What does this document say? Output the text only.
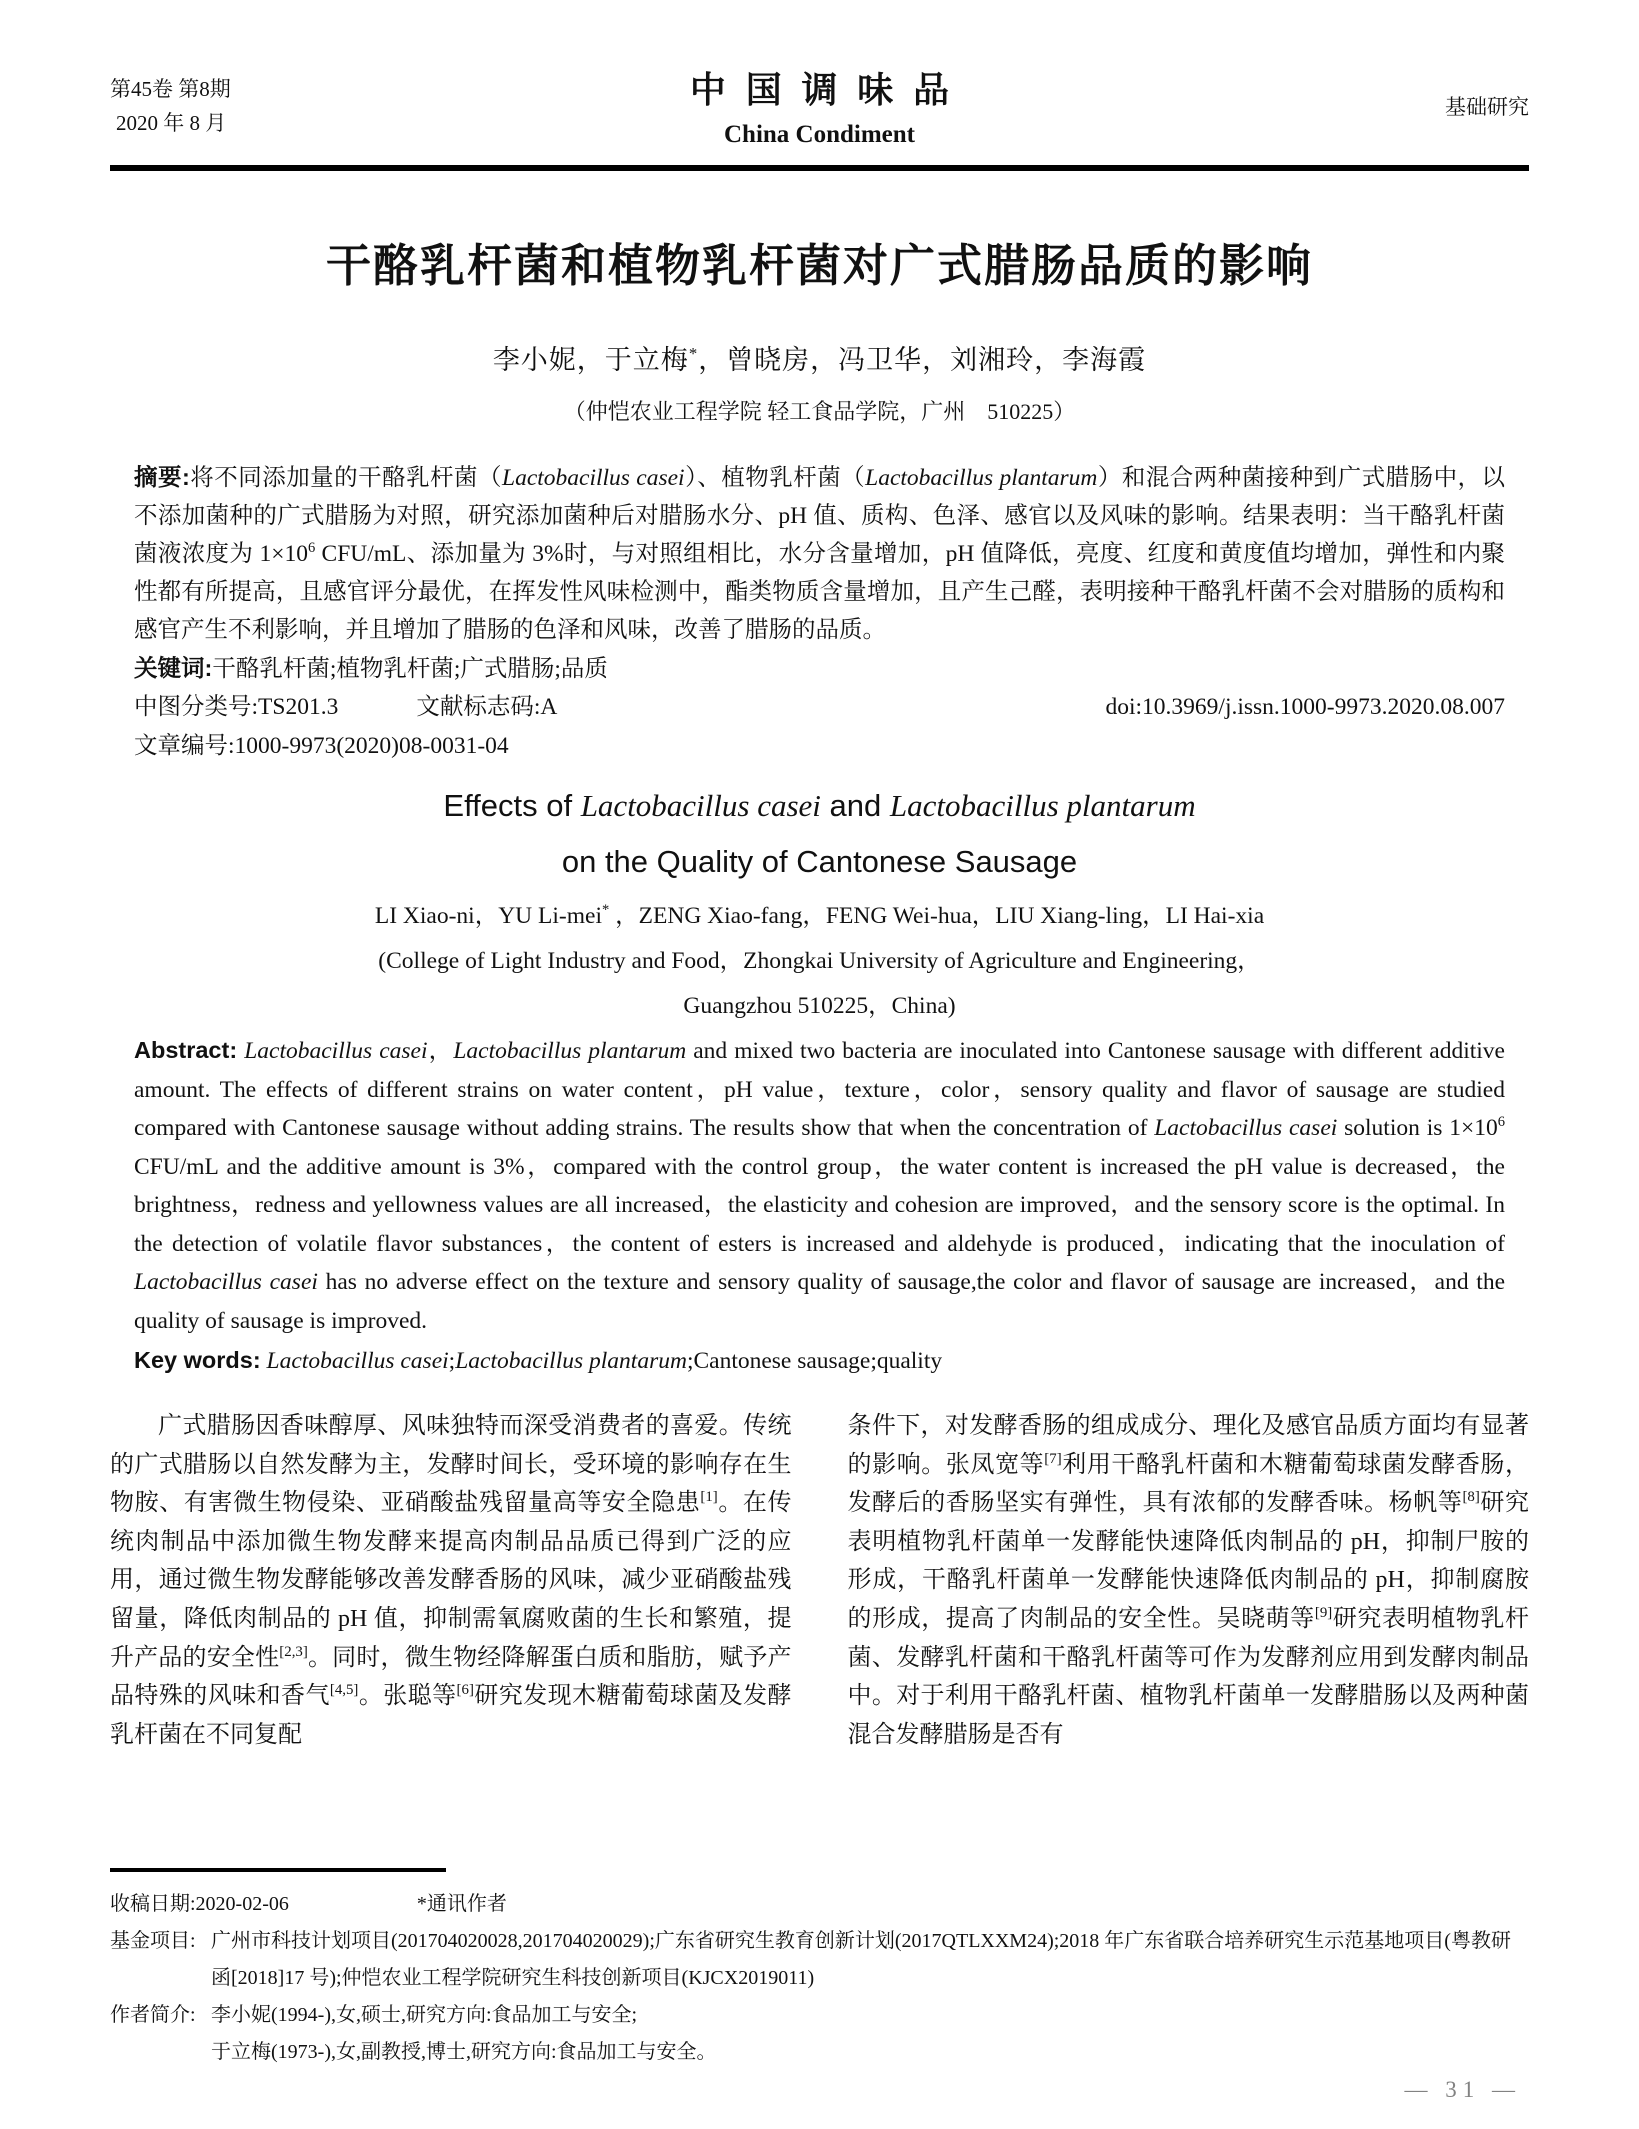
第45卷 第8期
2020 年 8 月
中国调味品
China Condiment
基础研究
干酪乳杆菌和植物乳杆菌对广式腊肠品质的影响
李小妮，于立梅*，曾晓房，冯卫华，刘湘玲，李海霞
（仲恺农业工程学院 轻工食品学院，广州　510225）
摘要:将不同添加量的干酪乳杆菌（Lactobacillus casei）、植物乳杆菌（Lactobacillus plantarum）和混合两种菌接种到广式腊肠中，以不添加菌种的广式腊肠为对照，研究添加菌种后对腊肠水分、pH 值、质构、色泽、感官以及风味的影响。结果表明：当干酪乳杆菌菌液浓度为 $1\times 10^6$ CFU/mL、添加量为 3%时，与对照组相比，水分含量增加，pH 值降低，亮度、红度和黄度值均增加，弹性和内聚性都有所提高，且感官评分最优，在挥发性风味检测中，酯类物质含量增加，且产生己醛，表明接种干酪乳杆菌不会对腊肠的质构和感官产生不利影响，并且增加了腊肠的色泽和风味，改善了腊肠的品质。
关键词:干酪乳杆菌;植物乳杆菌;广式腊肠;品质
中图分类号:TS201.3	文献标志码:A	doi:10.3969/j.issn.1000-9973.2020.08.007
文章编号:1000-9973(2020)08-0031-04
Effects of Lactobacillus casei and Lactobacillus plantarum
on the Quality of Cantonese Sausage
LI Xiao-ni，YU Li-mei* ，ZENG Xiao-fang，FENG Wei-hua，LIU Xiang-ling，LI Hai-xia
(College of Light Industry and Food，Zhongkai University of Agriculture and Engineering，
Guangzhou 510225，China)
Abstract: Lactobacillus casei，Lactobacillus plantarum and mixed two bacteria are inoculated into Cantonese sausage with different additive amount. The effects of different strains on water content，pH value，texture，color，sensory quality and flavor of sausage are studied compared with Cantonese sausage without adding strains. The results show that when the concentration of Lactobacillus casei solution is $1\times 10^6$ CFU/mL and the additive amount is 3%，compared with the control group，the water content is increased the pH value is decreased，the brightness，redness and yellowness values are all increased，the elasticity and cohesion are improved，and the sensory score is the optimal. In the detection of volatile flavor substances，the content of esters is increased and aldehyde is produced，indicating that the inoculation of Lactobacillus casei has no adverse effect on the texture and sensory quality of sausage,the color and flavor of sausage are increased，and the quality of sausage is improved.
Key words: Lactobacillus casei;Lactobacillus plantarum;Cantonese sausage;quality

广式腊肠因香味醇厚、风味独特而深受消费者的喜爱。传统的广式腊肠以自然发酵为主，发酵时间长，受环境的影响存在生物胺、有害微生物侵染、亚硝酸盐残留量高等安全隐患[1]。在传统肉制品中添加微生物发酵来提高肉制品品质已得到广泛的应用，通过微生物发酵能够改善发酵香肠的风味，减少亚硝酸盐残留量，降低肉制品的 pH 值，抑制需氧腐败菌的生长和繁殖，提升产品的安全性[2,3]。同时，微生物经降解蛋白质和脂肪，赋予产品特殊的风味和香气[4,5]。张聪等[6]研究发现木糖葡萄球菌及发酵乳杆菌在不同复配

条件下，对发酵香肠的组成成分、理化及感官品质方面均有显著的影响。张凤宽等[7]利用干酪乳杆菌和木糖葡萄球菌发酵香肠，发酵后的香肠坚实有弹性，具有浓郁的发酵香味。杨帆等[8]研究表明植物乳杆菌单一发酵能快速降低肉制品的 pH，抑制尸胺的形成，干酪乳杆菌单一发酵能快速降低肉制品的 pH，抑制腐胺的形成，提高了肉制品的安全性。吴晓萌等[9]研究表明植物乳杆菌、发酵乳杆菌和干酪乳杆菌等可作为发酵剂应用到发酵肉制品中。对于利用干酪乳杆菌、植物乳杆菌单一发酵腊肠以及两种菌混合发酵腊肠是否有

收稿日期:2020-02-06	*通讯作者
基金项目: 广州市科技计划项目(201704020028,201704020029);广东省研究生教育创新计划(2017QTLXXM24);2018 年广东省联合培养研究生示范基地项目(粤教研函[2018]17 号);仲恺农业工程学院研究生科技创新项目(KJCX2019011)
作者简介: 李小妮(1994-),女,硕士,研究方向:食品加工与安全;
于立梅(1973-),女,副教授,博士,研究方向:食品加工与安全。
— 31 —
